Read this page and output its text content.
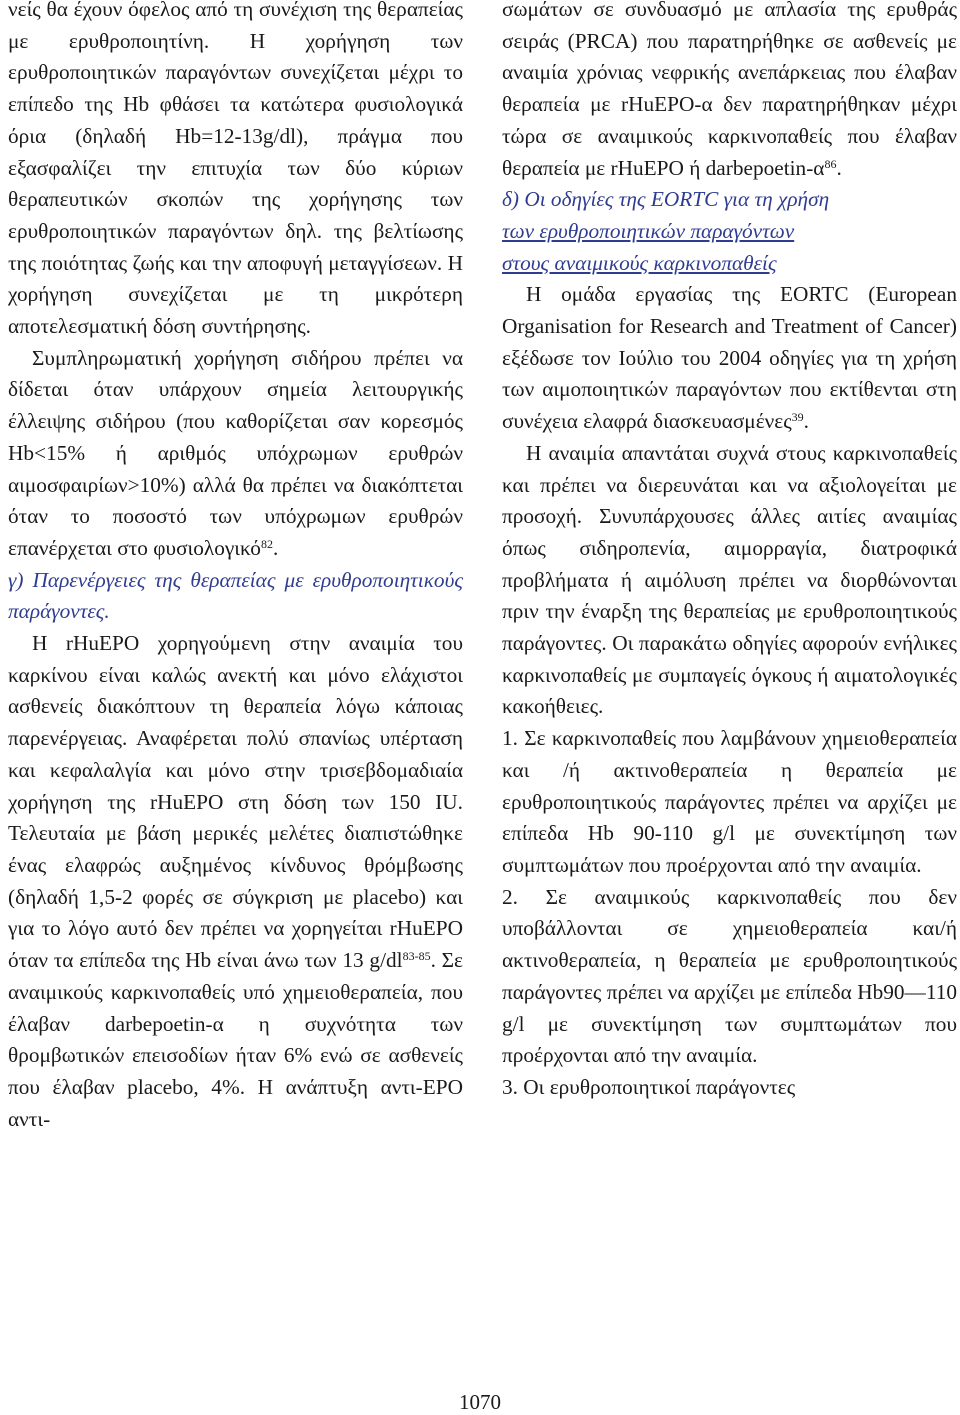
νείς θα έχουν όφελος από τη συνέχιση της θεραπείας με ερυθροποιητίνη. Η χορήγηση των ερυθροποιητικών παραγόντων συνεχίζεται μέχρι το επίπεδο της Hb φθάσει τα κατώτερα φυσιολογικά όρια (δηλαδή Hb=12-13g/dl), πράγμα που εξασφαλίζει την επιτυχία των δύο κύριων θεραπευτικών σκοπών της χορήγησης των ερυθροποιητικών παραγόντων δηλ. της βελτίωσης της ποιότητας ζωής και την αποφυγή μεταγγίσεων. Η χορήγηση συνεχίζεται με τη μικρότερη αποτελεσματική δόση συντήρησης.

Συμπληρωματική χορήγηση σιδήρου πρέπει να δίδεται όταν υπάρχουν σημεία λειτουργικής έλλειψης σιδήρου (που καθορίζεται σαν κορεσμός Hb<15% ή αριθμός υπόχρωμων ερυθρών αιμοσφαιρίων>10%) αλλά θα πρέπει να διακόπτεται όταν το ποσοστό των υπόχρωμων ερυθρών επανέρχεται στο φυσιολογικό$^{82}$.

γ) Παρενέργειες της θεραπείας με ερυθροποιητικούς παράγοντες.

Η rHuEPO χορηγούμενη στην αναιμία του καρκίνου είναι καλώς ανεκτή και μόνο ελάχιστοι ασθενείς διακόπτουν τη θεραπεία λόγω κάποιας παρενέργειας. Αναφέρεται πολύ σπανίως υπέρταση και κεφαλαλγία και μόνο στην τρισεβδομαδιαία χορήγηση της rHuEPO στη δόση των 150 IU. Τελευταία με βάση μερικές μελέτες διαπιστώθηκε ένας ελαφρώς αυξημένος κίνδυνος θρόμβωσης (δηλαδή 1,5-2 φορές σε σύγκριση με placebo) και για το λόγο αυτό δεν πρέπει να χορηγείται rHuEPO όταν τα επίπεδα της Hb είναι άνω των 13 $g/dl^{83-85}$. Σε αναιμικούς καρκινοπαθείς υπό χημειοθεραπεία, που έλαβαν darbepoetin-α η συχνότητα των θρομβωτικών επεισοδίων ήταν 6% ενώ σε ασθενείς που έλαβαν placebo, 4%. Η ανάπτυξη αντι-EPO αντι-

σωμάτων σε συνδυασμό με απλασία της ερυθράς σειράς (PRCA) που παρατηρήθηκε σε ασθενείς με αναιμία χρόνιας νεφρικής ανεπάρκειας που έλαβαν θεραπεία με rHuEPO-α δεν παρατηρήθηκαν μέχρι τώρα σε αναιμικούς καρκινοπαθείς που έλαβαν θεραπεία με rHuEPO ή darbepoetin-$\alpha^{86}$.

δ) Οι οδηγίες της EORTC για τη χρήση
των ερυθροποιητικών παραγόντων
στους αναιμικούς καρκινοπαθείς

Η ομάδα εργασίας της EORTC (European Organisation for Research and Treatment of Cancer) εξέδωσε τον Ιούλιο του 2004 οδηγίες για τη χρήση των αιμοποιητικών παραγόντων που εκτίθενται στη συνέχεια ελαφρά διασκευασμένες$^{39}$.

Η αναιμία απαντάται συχνά στους καρκινοπαθείς και πρέπει να διερευνάται και να αξιολογείται με προσοχή. Συνυπάρχουσες άλλες αιτίες αναιμίας όπως σιδηροπενία, αιμορραγία, διατροφικά προβλήματα ή αιμόλυση πρέπει να διορθώνονται πριν την έναρξη της θεραπείας με ερυθροποιητικούς παράγοντες. Οι παρακάτω οδηγίες αφορούν ενήλικες καρκινοπαθείς με συμπαγείς όγκους ή αιματολογικές κακοήθειες.

1. Σε καρκινοπαθείς που λαμβάνουν χημειοθεραπεία και /ή ακτινοθεραπεία η θεραπεία με ερυθροποιητικούς παράγοντες πρέπει να αρχίζει με επίπεδα Hb 90-110 g/l με συνεκτίμηση των συμπτωμάτων που προέρχονται από την αναιμία.

2. Σε αναιμικούς καρκινοπαθείς που δεν υποβάλλονται σε χημειοθεραπεία και/ή ακτινοθεραπεία, η θεραπεία με ερυθροποιητικούς παράγοντες πρέπει να αρχίζει με επίπεδα Hb90—110 g/l με συνεκτίμηση των συμπτωμάτων που προέρχονται από την αναιμία.

3. Οι ερυθροποιητικοί παράγοντες

1070
